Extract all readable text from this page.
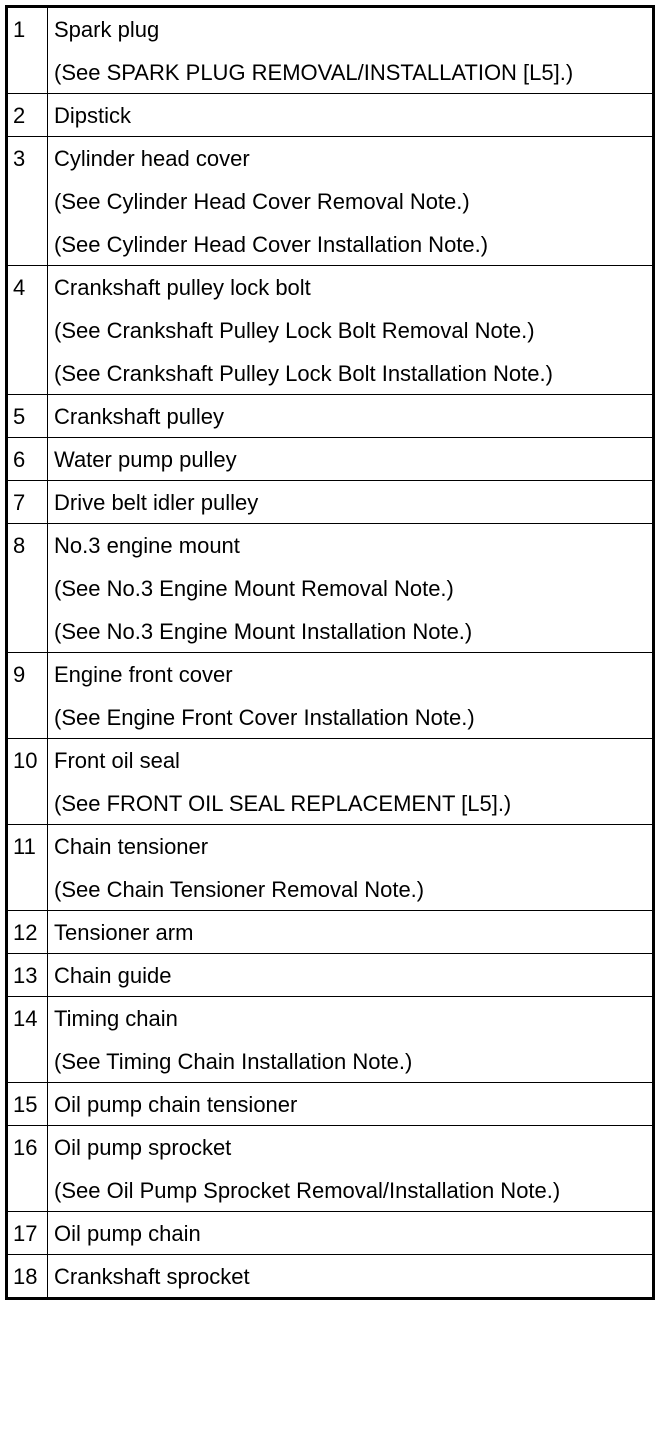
1	Spark plug
(See SPARK PLUG REMOVAL/INSTALLATION [L5].)

2	Dipstick

3	Cylinder head cover
(See Cylinder Head Cover Removal Note.)
(See Cylinder Head Cover Installation Note.)

4	Crankshaft pulley lock bolt
(See Crankshaft Pulley Lock Bolt Removal Note.)
(See Crankshaft Pulley Lock Bolt Installation Note.)

5	Crankshaft pulley

6	Water pump pulley

7	Drive belt idler pulley

8	No.3 engine mount
(See No.3 Engine Mount Removal Note.)
(See No.3 Engine Mount Installation Note.)

9	Engine front cover
(See Engine Front Cover Installation Note.)

10	Front oil seal
(See FRONT OIL SEAL REPLACEMENT [L5].)

11	Chain tensioner
(See Chain Tensioner Removal Note.)

12	Tensioner arm

13	Chain guide

14	Timing chain
(See Timing Chain Installation Note.)

15	Oil pump chain tensioner

16	Oil pump sprocket
(See Oil Pump Sprocket Removal/Installation Note.)

17	Oil pump chain

18	Crankshaft sprocket
